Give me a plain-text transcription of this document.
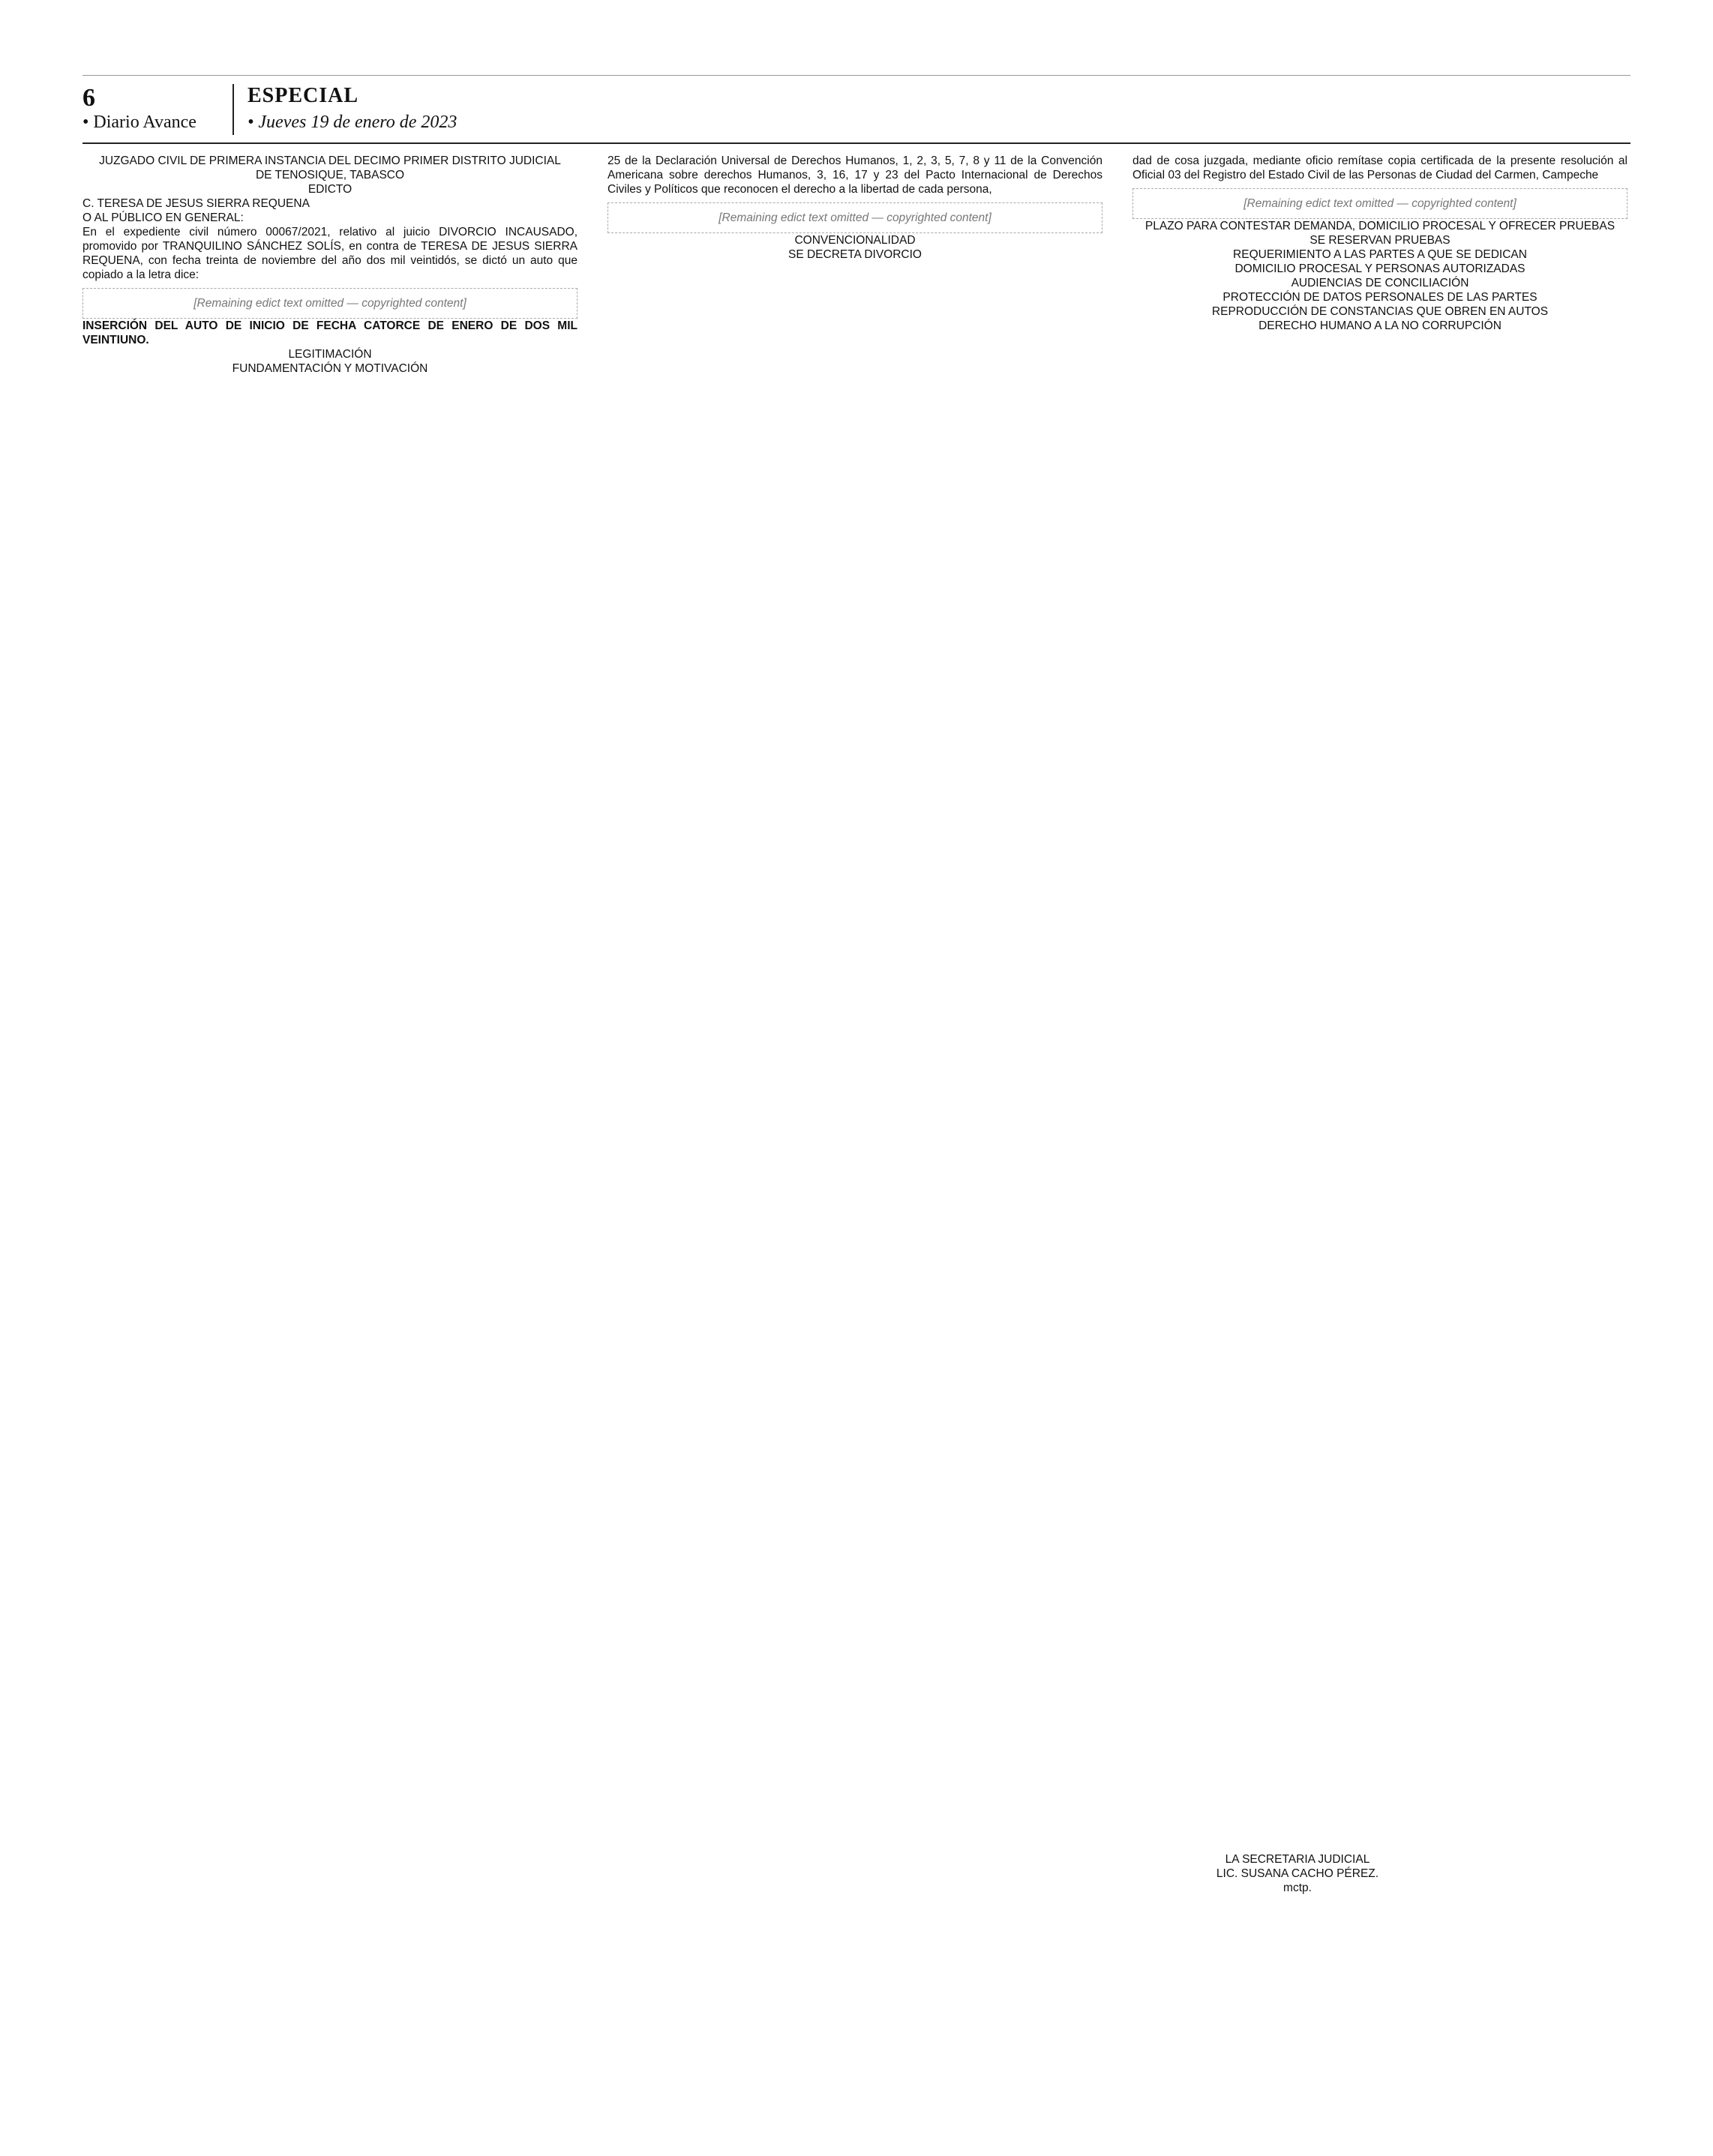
6
• Diario Avance
ESPECIAL
• Jueves 19 de enero de 2023

JUZGADO CIVIL DE PRIMERA INSTANCIA DEL DECIMO PRIMER DISTRITO JUDICIAL

DE TENOSIQUE, TABASCO

EDICTO

C. TERESA DE JESUS SIERRA REQUENA

O AL PÚBLICO EN GENERAL:

En el expediente civil número 00067/2021, relativo al juicio DIVORCIO INCAUSADO, promovido por TRANQUILINO SÁNCHEZ SOLÍS, en contra de TERESA DE JESUS SIERRA REQUENA, con fecha treinta de noviembre del año dos mil veintidós, se dictó un auto que copiado a la letra dice:

[Remaining edict text omitted — copyrighted content]

INSERCIÓN DEL AUTO DE INICIO DE FECHA CATORCE DE ENERO DE DOS MIL VEINTIUNO.

LEGITIMACIÓN

FUNDAMENTACIÓN Y MOTIVACIÓN

25 de la Declaración Universal de Derechos Humanos, 1, 2, 3, 5, 7, 8 y 11 de la Convención Americana sobre derechos Humanos, 3, 16, 17 y 23 del Pacto Internacional de Derechos Civiles y Políticos que reconocen el derecho a la libertad de cada persona,

[Remaining edict text omitted — copyrighted content]

CONVENCIONALIDAD

SE DECRETA DIVORCIO

dad de cosa juzgada, mediante oficio remítase copia certificada de la presente resolución al Oficial 03 del Registro del Estado Civil de las Personas de Ciudad del Carmen, Campeche

[Remaining edict text omitted — copyrighted content]

PLAZO PARA CONTESTAR DEMANDA, DOMICILIO PROCESAL Y OFRECER PRUEBAS

SE RESERVAN PRUEBAS

REQUERIMIENTO A LAS PARTES A QUE SE DEDICAN

DOMICILIO PROCESAL Y PERSONAS AUTORIZADAS

AUDIENCIAS DE CONCILIACIÓN

PROTECCIÓN DE DATOS PERSONALES DE LAS PARTES

REPRODUCCIÓN DE CONSTANCIAS QUE OBREN EN AUTOS

DERECHO HUMANO A LA NO CORRUPCIÓN

LA SECRETARIA JUDICIAL

LIC. SUSANA CACHO PÉREZ.

mctp.
